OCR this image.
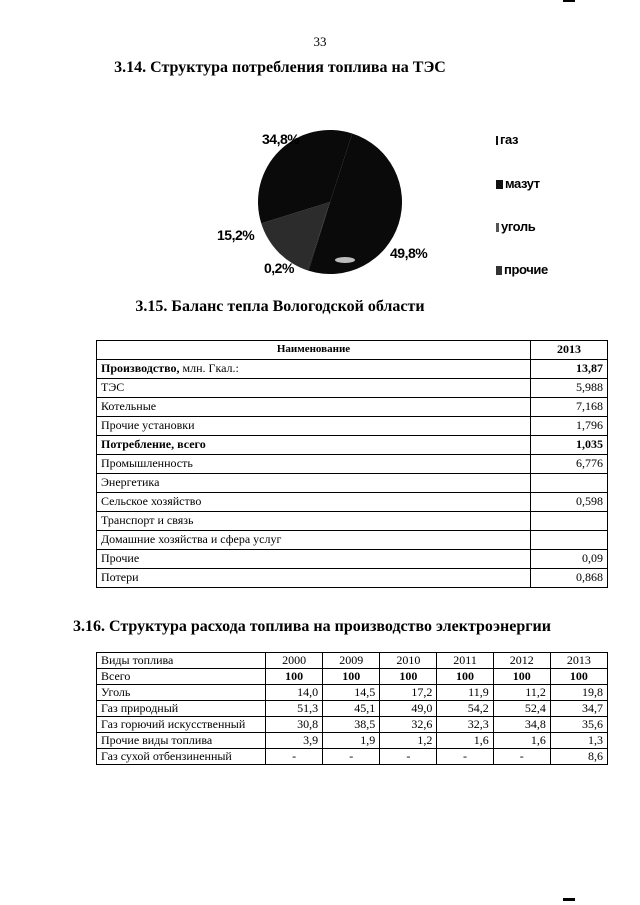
33
3.14. Структура потребления топлива на ТЭС
34,8%
15,2%
0,2%
49,8%
газ
мазут
уголь
прочие
3.15. Баланс тепла Вологодской области
Наименование	2013
Производство, млн. Гкал.:	13,87
ТЭС	5,988
Котельные	7,168
Прочие установки	1,796
Потребление, всего	1,035
Промышленность	6,776
Энергетика	
Сельское хозяйство	0,598
Транспорт и связь	
Домашние хозяйства и сфера услуг	
Прочие	0,09
Потери	0,868
3.16. Структура расхода топлива на производство электроэнергии
Виды топлива	2000	2009	2010	2011	2012	2013
Всего	100	100	100	100	100	100
Уголь	14,0	14,5	17,2	11,9	11,2	19,8
Газ природный	51,3	45,1	49,0	54,2	52,4	34,7
Газ горючий искусственный	30,8	38,5	32,6	32,3	34,8	35,6
Прочие виды топлива	3,9	1,9	1,2	1,6	1,6	1,3
Газ сухой отбензиненный	-	-	-	-	-	8,6
